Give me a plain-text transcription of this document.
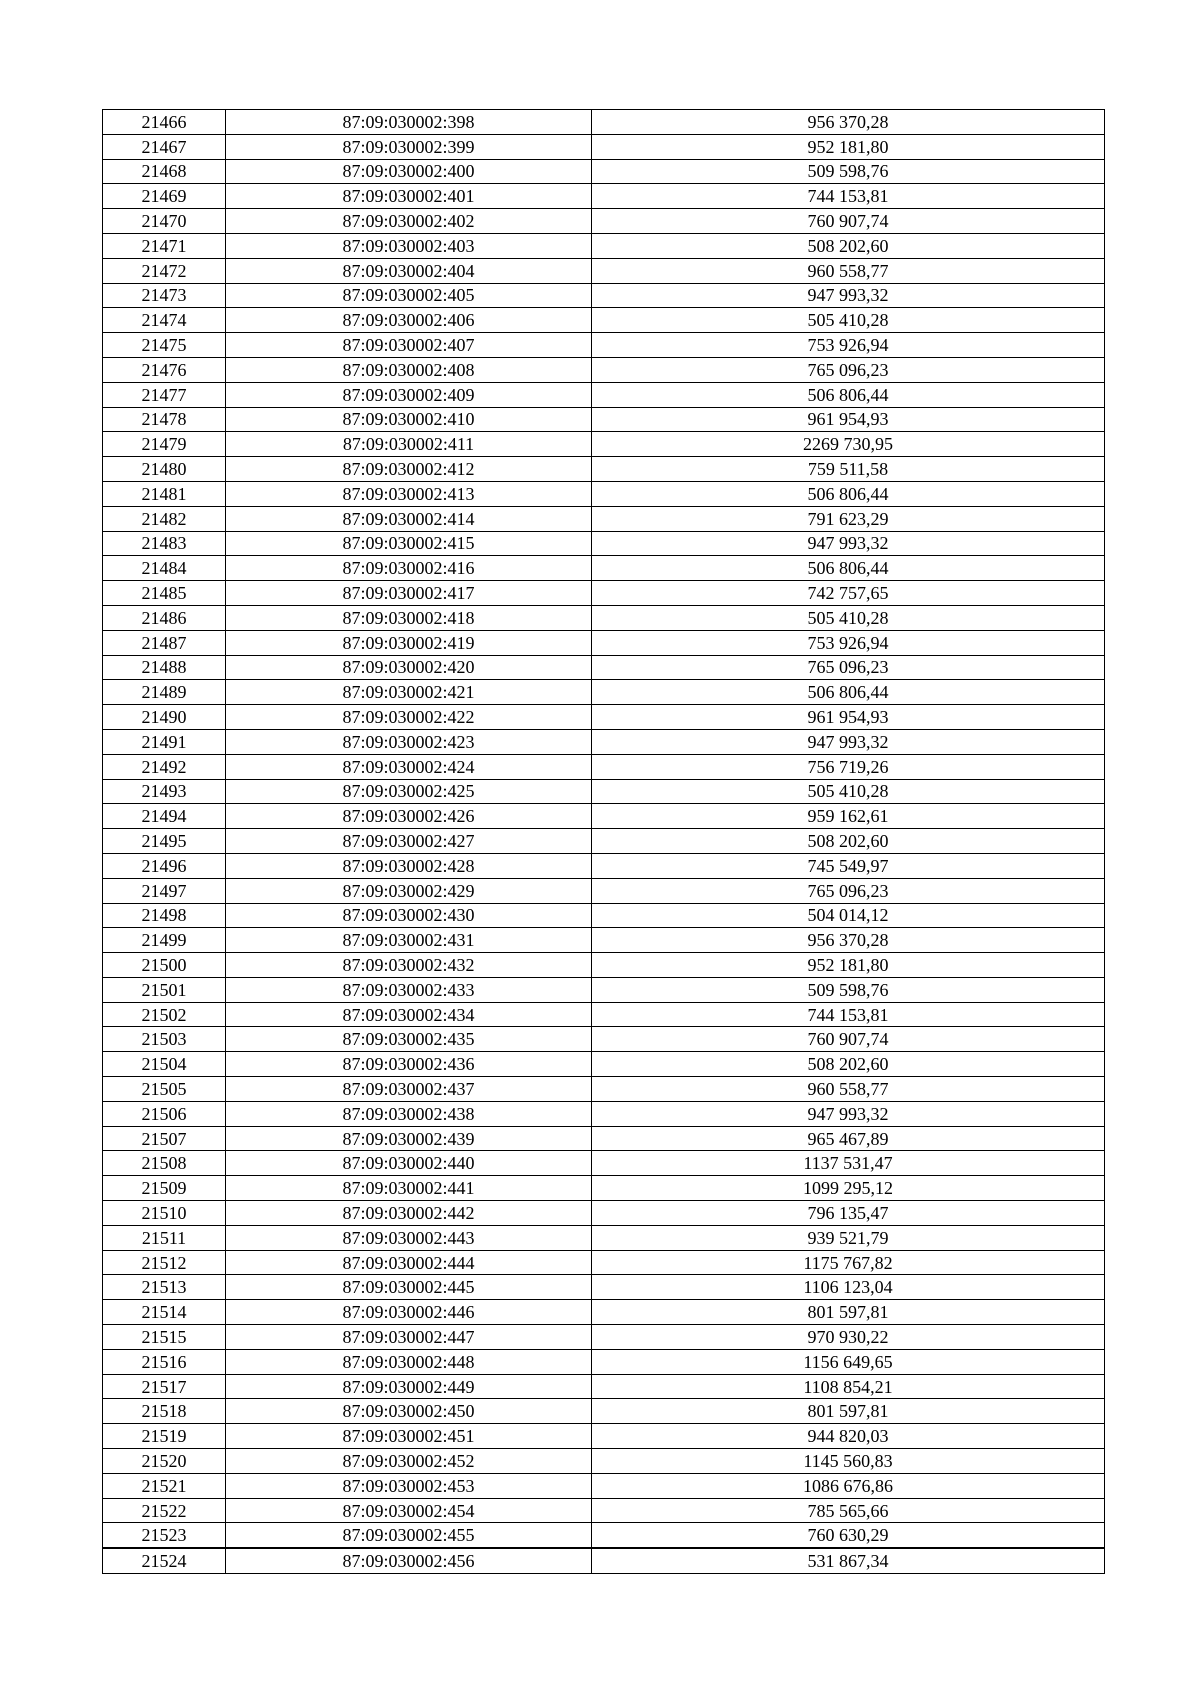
21466	87:09:030002:398	956 370,28
21467	87:09:030002:399	952 181,80
21468	87:09:030002:400	509 598,76
21469	87:09:030002:401	744 153,81
21470	87:09:030002:402	760 907,74
21471	87:09:030002:403	508 202,60
21472	87:09:030002:404	960 558,77
21473	87:09:030002:405	947 993,32
21474	87:09:030002:406	505 410,28
21475	87:09:030002:407	753 926,94
21476	87:09:030002:408	765 096,23
21477	87:09:030002:409	506 806,44
21478	87:09:030002:410	961 954,93
21479	87:09:030002:411	2269 730,95
21480	87:09:030002:412	759 511,58
21481	87:09:030002:413	506 806,44
21482	87:09:030002:414	791 623,29
21483	87:09:030002:415	947 993,32
21484	87:09:030002:416	506 806,44
21485	87:09:030002:417	742 757,65
21486	87:09:030002:418	505 410,28
21487	87:09:030002:419	753 926,94
21488	87:09:030002:420	765 096,23
21489	87:09:030002:421	506 806,44
21490	87:09:030002:422	961 954,93
21491	87:09:030002:423	947 993,32
21492	87:09:030002:424	756 719,26
21493	87:09:030002:425	505 410,28
21494	87:09:030002:426	959 162,61
21495	87:09:030002:427	508 202,60
21496	87:09:030002:428	745 549,97
21497	87:09:030002:429	765 096,23
21498	87:09:030002:430	504 014,12
21499	87:09:030002:431	956 370,28
21500	87:09:030002:432	952 181,80
21501	87:09:030002:433	509 598,76
21502	87:09:030002:434	744 153,81
21503	87:09:030002:435	760 907,74
21504	87:09:030002:436	508 202,60
21505	87:09:030002:437	960 558,77
21506	87:09:030002:438	947 993,32
21507	87:09:030002:439	965 467,89
21508	87:09:030002:440	1137 531,47
21509	87:09:030002:441	1099 295,12
21510	87:09:030002:442	796 135,47
21511	87:09:030002:443	939 521,79
21512	87:09:030002:444	1175 767,82
21513	87:09:030002:445	1106 123,04
21514	87:09:030002:446	801 597,81
21515	87:09:030002:447	970 930,22
21516	87:09:030002:448	1156 649,65
21517	87:09:030002:449	1108 854,21
21518	87:09:030002:450	801 597,81
21519	87:09:030002:451	944 820,03
21520	87:09:030002:452	1145 560,83
21521	87:09:030002:453	1086 676,86
21522	87:09:030002:454	785 565,66
21523	87:09:030002:455	760 630,29
21524	87:09:030002:456	531 867,34
